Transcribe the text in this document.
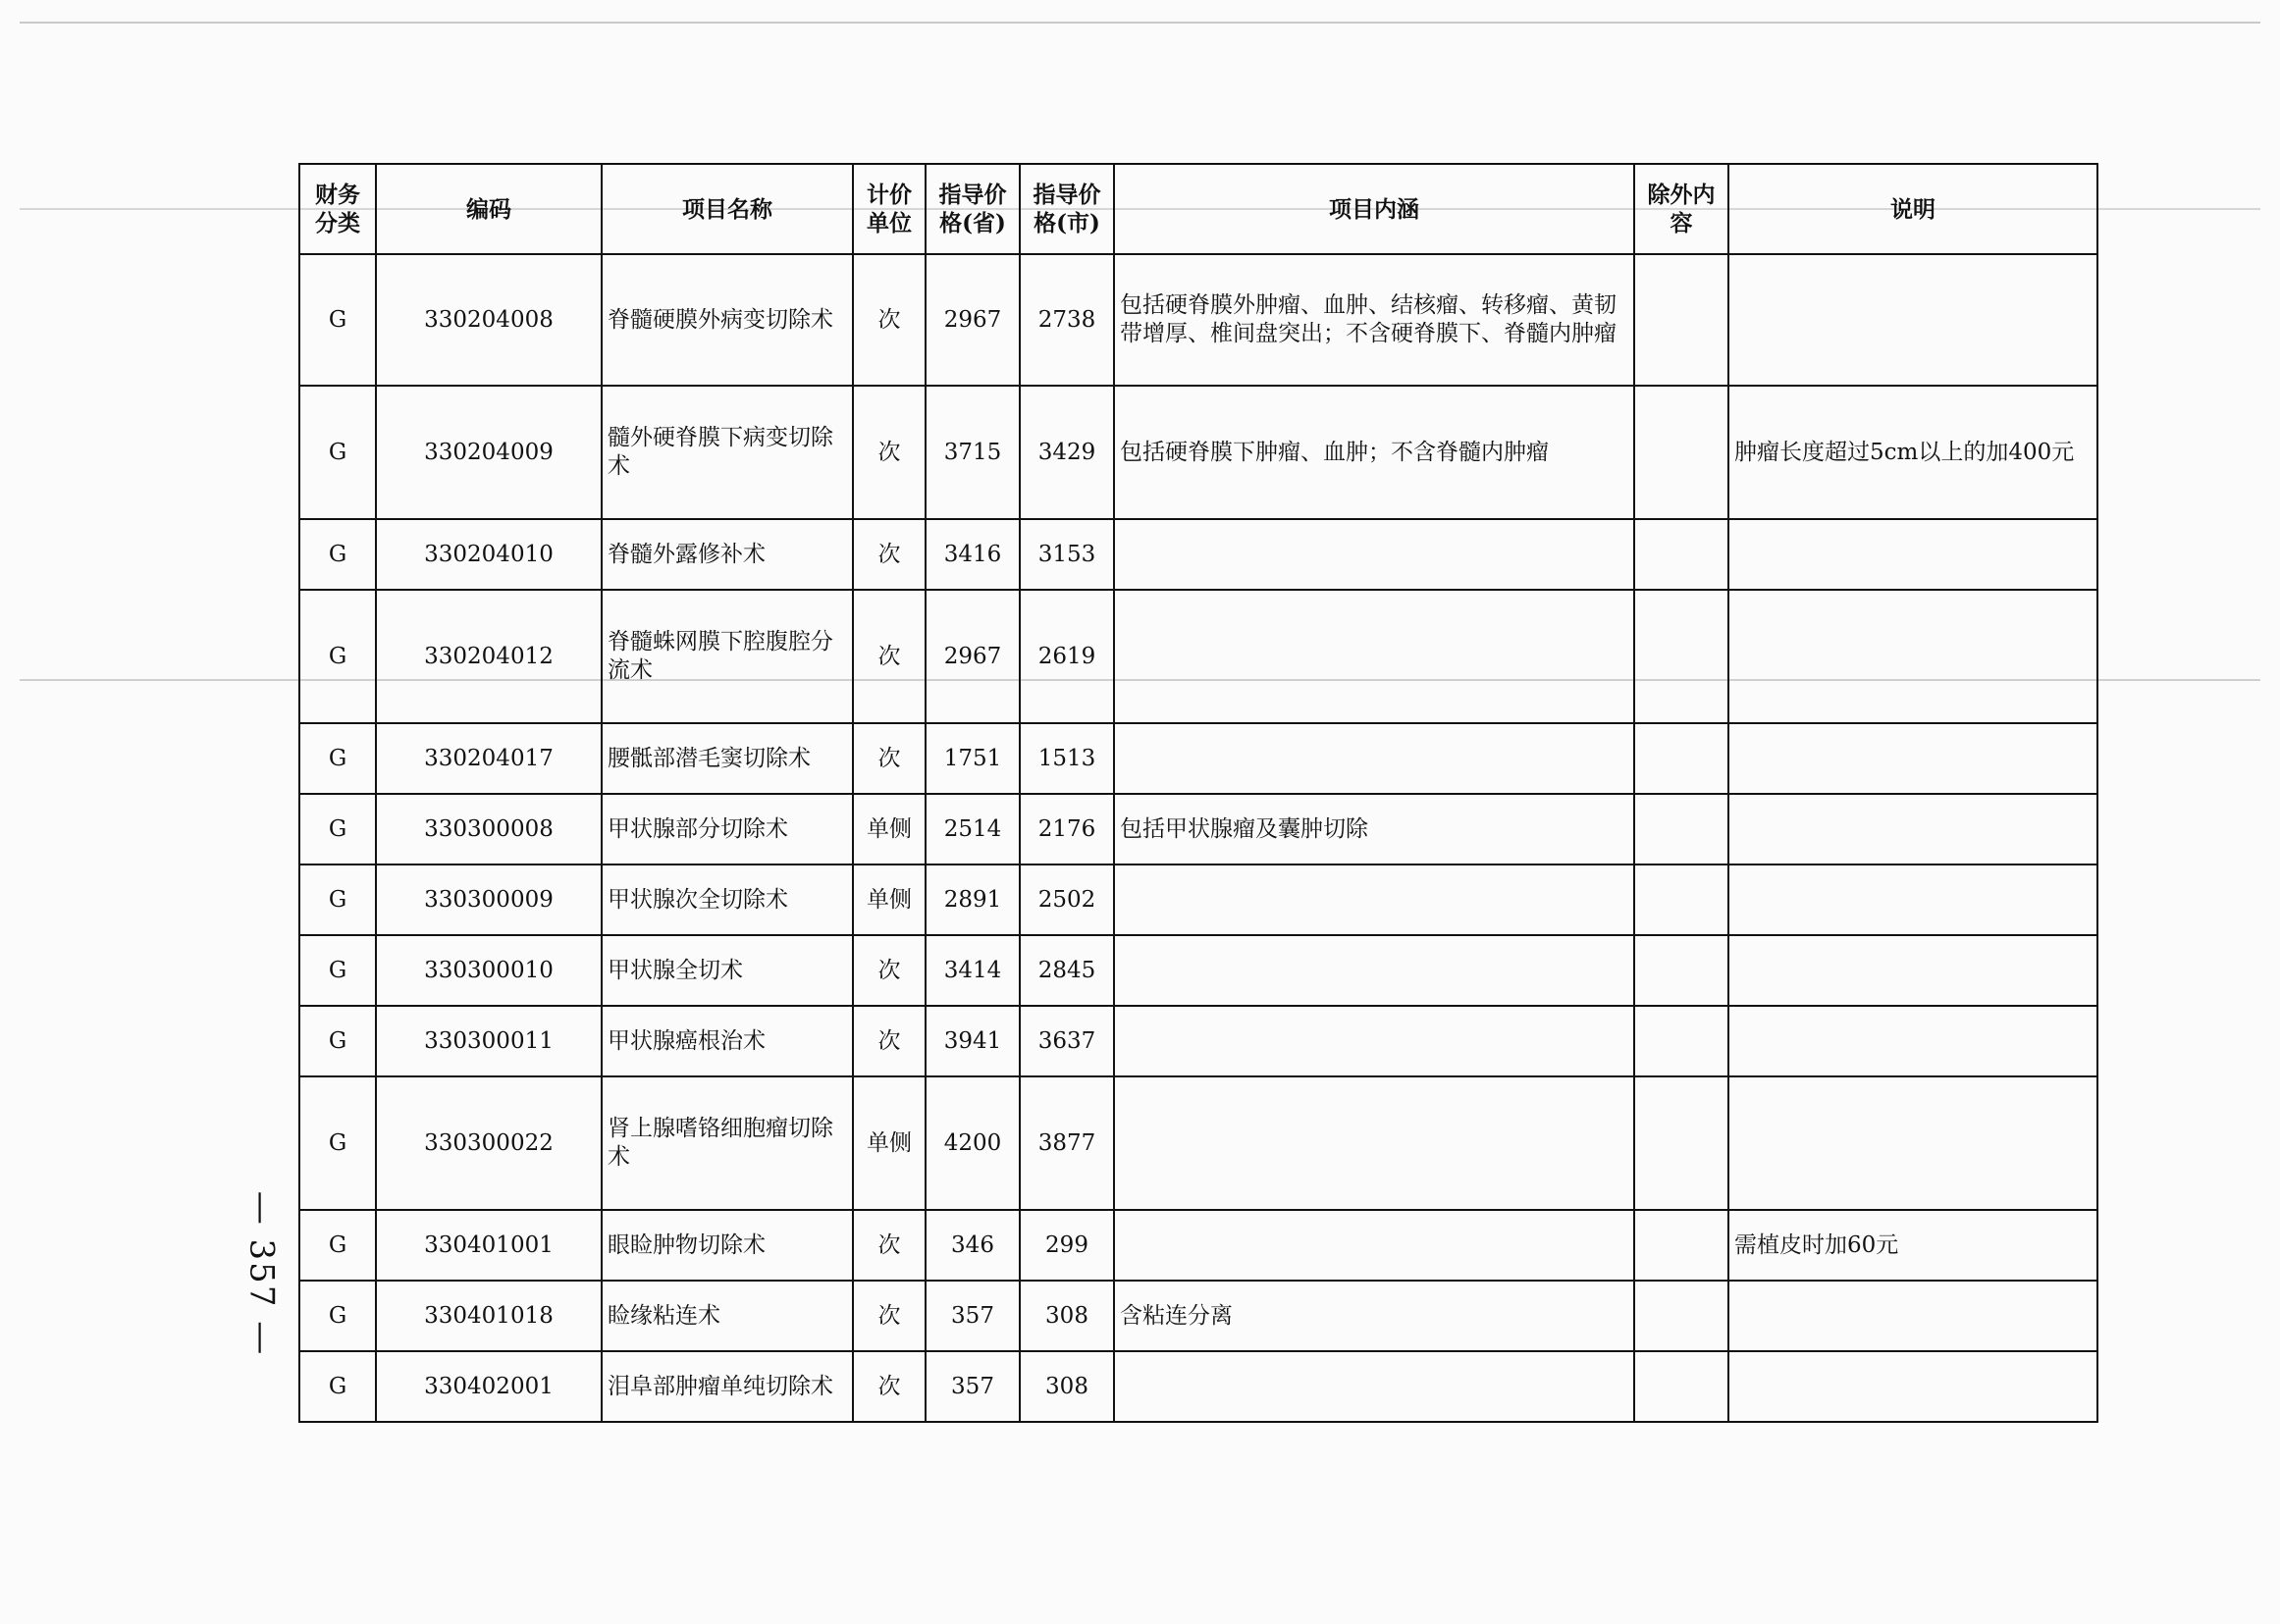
财务分类	编码	项目名称	计价单位	指导价格(省)	指导价格(市)	项目内涵	除外内容	说明
G	330204008	脊髓硬膜外病变切除术	次	2967	2738	包括硬脊膜外肿瘤、血肿、结核瘤、转移瘤、黄韧带增厚、椎间盘突出；不含硬脊膜下、脊髓内肿瘤		
G	330204009	髓外硬脊膜下病变切除术	次	3715	3429	包括硬脊膜下肿瘤、血肿；不含脊髓内肿瘤		肿瘤长度超过5cm以上的加400元
G	330204010	脊髓外露修补术	次	3416	3153			
G	330204012	脊髓蛛网膜下腔腹腔分流术	次	2967	2619			
G	330204017	腰骶部潜毛窦切除术	次	1751	1513			
G	330300008	甲状腺部分切除术	单侧	2514	2176	包括甲状腺瘤及囊肿切除		
G	330300009	甲状腺次全切除术	单侧	2891	2502			
G	330300010	甲状腺全切术	次	3414	2845			
G	330300011	甲状腺癌根治术	次	3941	3637			
G	330300022	肾上腺嗜铬细胞瘤切除术	单侧	4200	3877			
G	330401001	眼睑肿物切除术	次	346	299			需植皮时加60元
G	330401018	睑缘粘连术	次	357	308	含粘连分离		
G	330402001	泪阜部肿瘤单纯切除术	次	357	308			
— 357 —
